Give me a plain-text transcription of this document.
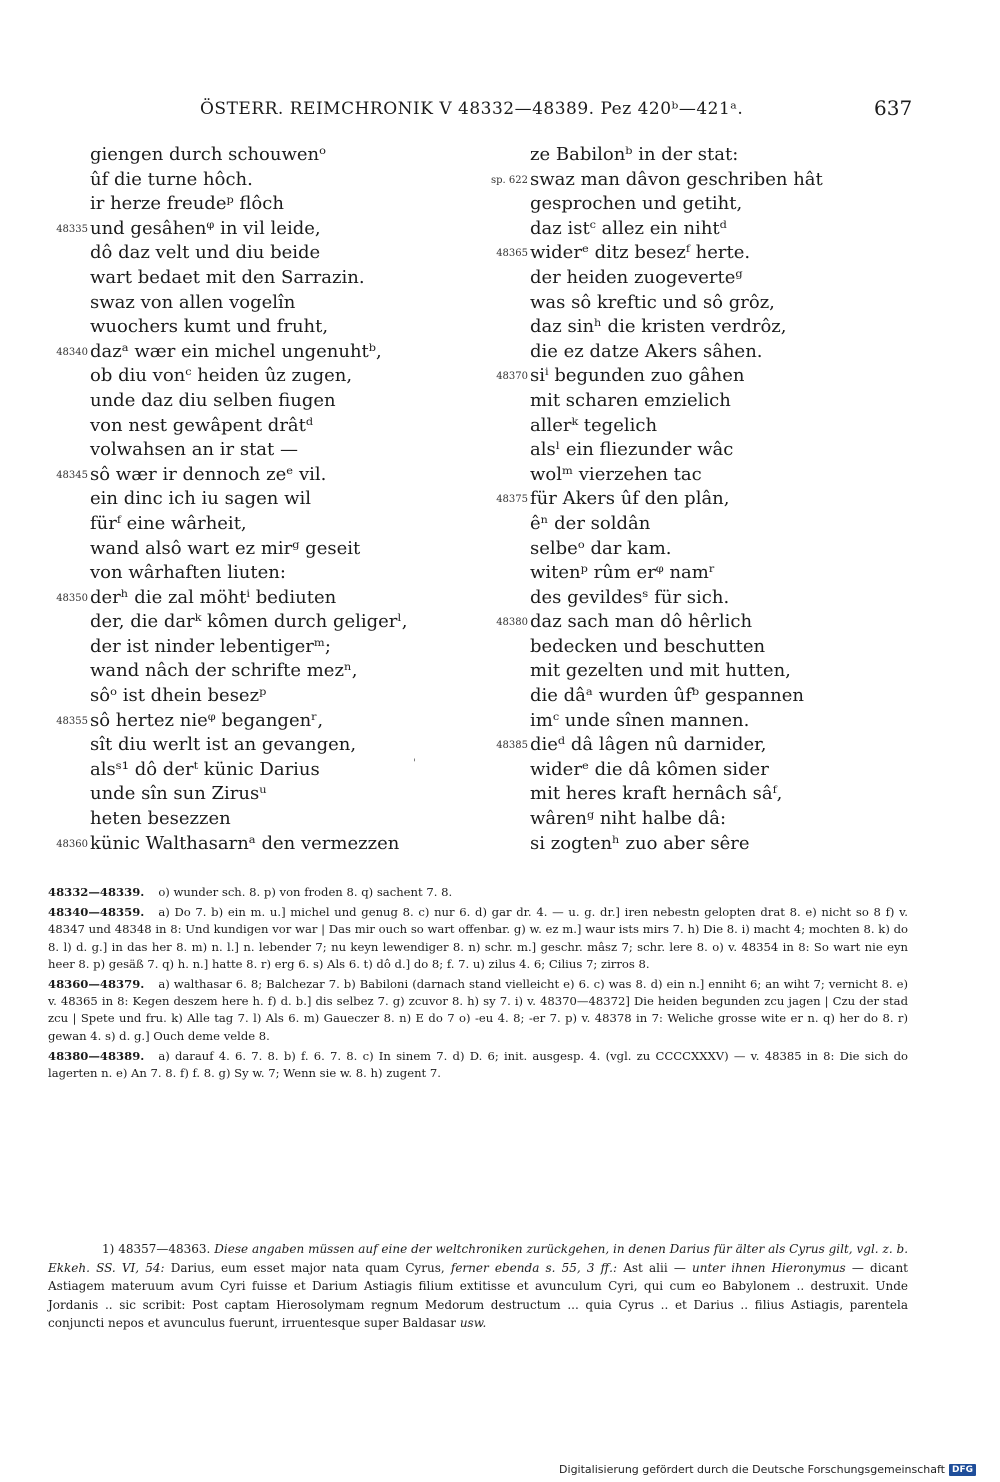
ÖSTERR. REIMCHRONIK V 48332—48389. Pez 420ᵇ—421ᵃ.	637
giengen durch schouwenᵒ
ûf die turne hôch.
ir herze freudeᵖ flôch
48335 und gesâhenᵠ in vil leide,
dô daz velt und diu beide
wart bedaet mit den Sarrazin.
swaz von allen vogelîn
wuochers kumt und fruht,
48340 dazᵃ wær ein michel ungenuhtᵇ,
ob diu vonᶜ heiden ûz zugen,
unde daz diu selben fiugen
von nest gewâpent drâtᵈ
volwahsen an ir stat —
48345 sô wær ir dennoch zeᵉ vil.
ein dinc ich iu sagen wil
fürᶠ eine wârheit,
wand alsô wart ez mirᵍ geseit
von wârhaften liuten:
48350 derʰ die zal möhtⁱ bediuten
der, die darᵏ kômen durch geligerˡ,
der ist ninder lebentigerᵐ;
wand nâch der schrifte mezⁿ,
sôᵒ ist dhein beseᴢᵖ
48355 sô hertez nieᵠ begangenʳ,
sît diu werlt ist an gevangen,
alsˢ¹ dô derᵗ künic Darius
unde sîn sun Zirusᵘ
heten besezzen
48360 künic Walthasarnᵃ den vermezzen
ze Babilonᵇ in der stat:
sp. 622 swaz man dâvon geschriben hât
gesprochen und getiht,
daz istᶜ allez ein nihtᵈ
48365 widerᵉ ditz besezᶠ herte.
der heiden zuogeverteᵍ
was sô kreftic und sô grôz,
daz sinʰ die kristen verdrôz,
die ez datze Akers sâhen.
48370 siⁱ begunden zuo gâhen
mit scharen emzielich
allerᵏ tegelich
alsˡ ein fliezunder wâc
wolᵐ vierzehen tac
48375 für Akers ûf den plân,
êⁿ der soldân
selbeᵒ dar kam.
witenᵖ rûm erᵠ namʳ
des gevildesˢ für sich.
48380 daz sach man dô hêrlich
bedecken und beschutten
mit gezelten und mit hutten,
die dâᵃ wurden ûfᵇ gespannen
imᶜ unde sînen mannen.
48385 dieᵈ dâ lâgen nû darnider,
widerᵉ die dâ kômen sider
mit heres kraft hernâch sâᶠ,
wârenᵍ niht halbe dâ:
si zogtenʰ zuo aber sêre
'
48332—48339. o) wunder sch. 8. p) von froden 8. q) sachent 7. 8.
48340—48359. a) Do 7. b) ein m. u.] michel und genug 8. c) nur 6. d) gar dr. 4. — u. g. dr.] iren nebestn gelopten drat 8. e) nicht so 8 f) v. 48347 und 48348 in 8: Und kundigen vor war | Das mir ouch so wart offenbar. g) w. ez m.] waur ists mirs 7. h) Die 8. i) macht 4; mochten 8. k) do 8. l) d. g.] in das her 8. m) n. l.] n. lebender 7; nu keyn lewendiger 8. n) schr. m.] geschr. mâsz 7; schr. lere 8. o) v. 48354 in 8: So wart nie eyn heer 8. p) gesäß 7. q) h. n.] hatte 8. r) erg 6. s) Als 6. t) dô d.] do 8; f. 7. u) zilus 4. 6; Cilius 7; zirros 8.
48360—48379. a) walthasar 6. 8; Balchezar 7. b) Babiloni (darnach stand vielleicht e) 6. c) was 8. d) ein n.] enniht 6; an wiht 7; vernicht 8. e) v. 48365 in 8: Kegen deszem here h. f) d. b.] dis selbez 7. g) zcuvor 8. h) sy 7. i) v. 48370—48372] Die heiden begunden zcu jagen | Czu der stad zcu | Spete und fru. k) Alle tag 7. l) Als 6. m) Gaueczer 8. n) E do 7 o) -eu 4. 8; -er 7. p) v. 48378 in 7: Weliche grosse wite er n. q) her do 8. r) gewan 4. s) d. g.] Ouch deme velde 8.
48380—48389. a) darauf 4. 6. 7. 8. b) f. 6. 7. 8. c) In sinem 7. d) D. 6; init. ausgesp. 4. (vgl. zu CCCCXXXV) — v. 48385 in 8: Die sich do lagerten n. e) An 7. 8. f) f. 8. g) Sy w. 7; Wenn sie w. 8. h) zugent 7.
1) 48357—48363. Diese angaben müssen auf eine der weltchroniken zurückgehen, in denen Darius für älter als Cyrus gilt, vgl. z. b. Ekkeh. SS. VI, 54: Darius, eum esset major nata quam Cyrus, ferner ebenda s. 55, 3 ff.: Ast alii — unter ihnen Hieronymus — dicant Astiagem materuum avum Cyri fuisse et Darium Astiagis filium extitisse et avunculum Cyri, qui cum eo Babylonem .. destruxit. Unde Jordanis .. sic scribit: Post captam Hierosolymam regnum Medorum destructum ... quia Cyrus .. et Darius .. filius Astiagis, parentela conjuncti nepos et avunculus fuerunt, irruentesque super Baldasar usw.
Digitalisierung gefördert durch die Deutsche Forschungsgemeinschaft DFG
